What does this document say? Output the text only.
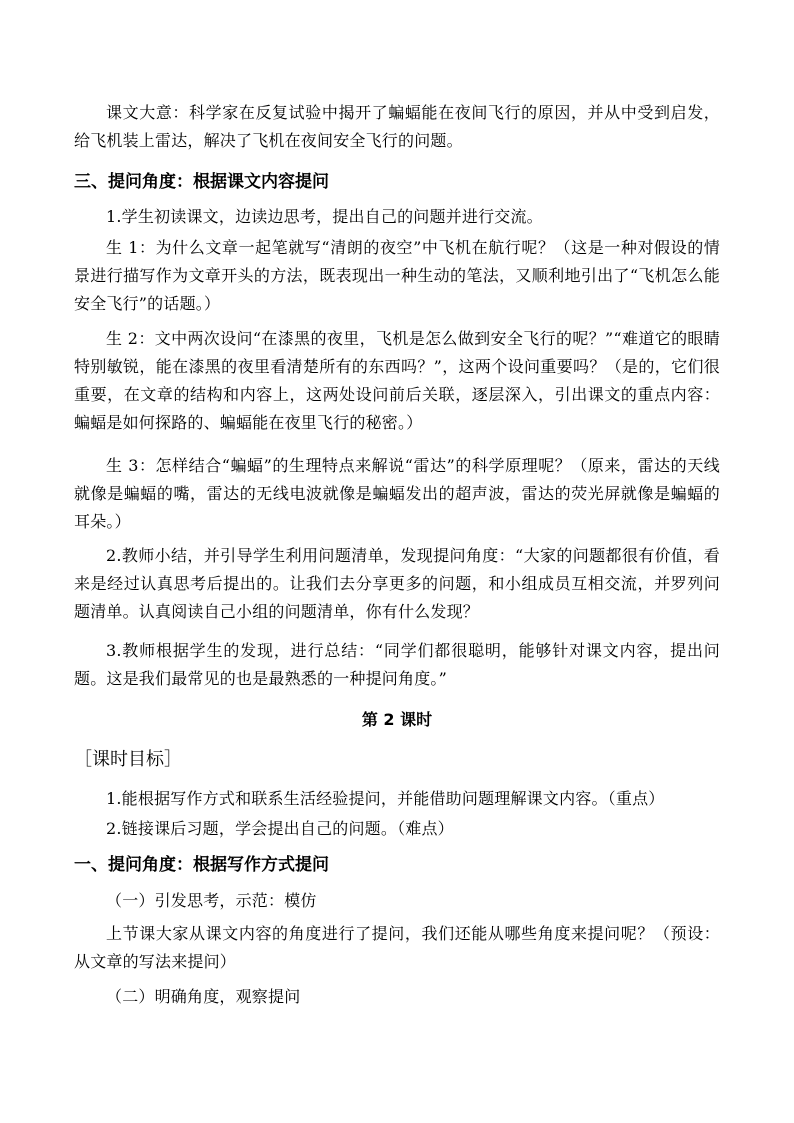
课文大意：科学家在反复试验中揭开了蝙蝠能在夜间飞行的原因，并从中受到启发，给飞机装上雷达，解决了飞机在夜间安全飞行的问题。

三、提问角度：根据课文内容提问

1.学生初读课文，边读边思考，提出自己的问题并进行交流。

生 1：为什么文章一起笔就写“清朗的夜空”中飞机在航行呢？（这是一种对假设的情景进行描写作为文章开头的方法，既表现出一种生动的笔法，又顺利地引出了“飞机怎么能安全飞行”的话题。）

生 2：文中两次设问“在漆黑的夜里，飞机是怎么做到安全飞行的呢？”“难道它的眼睛特别敏锐，能在漆黑的夜里看清楚所有的东西吗？”，这两个设问重要吗？（是的，它们很重要，在文章的结构和内容上，这两处设问前后关联，逐层深入，引出课文的重点内容：蝙蝠是如何探路的、蝙蝠能在夜里飞行的秘密。）

生 3：怎样结合“蝙蝠”的生理特点来解说“雷达”的科学原理呢？（原来，雷达的天线就像是蝙蝠的嘴，雷达的无线电波就像是蝙蝠发出的超声波，雷达的荧光屏就像是蝙蝠的耳朵。）

2.教师小结，并引导学生利用问题清单，发现提问角度：“大家的问题都很有价值，看来是经过认真思考后提出的。让我们去分享更多的问题，和小组成员互相交流，并罗列问题清单。认真阅读自己小组的问题清单，你有什么发现？

3.教师根据学生的发现，进行总结：“同学们都很聪明，能够针对课文内容，提出问题。这是我们最常见的也是最熟悉的一种提问角度。”

第 2 课时

［课时目标］

1.能根据写作方式和联系生活经验提问，并能借助问题理解课文内容。（重点）

2.链接课后习题，学会提出自己的问题。（难点）

一、提问角度：根据写作方式提问

（一）引发思考，示范：模仿

上节课大家从课文内容的角度进行了提问，我们还能从哪些角度来提问呢？（预设：从文章的写法来提问）

（二）明确角度，观察提问
